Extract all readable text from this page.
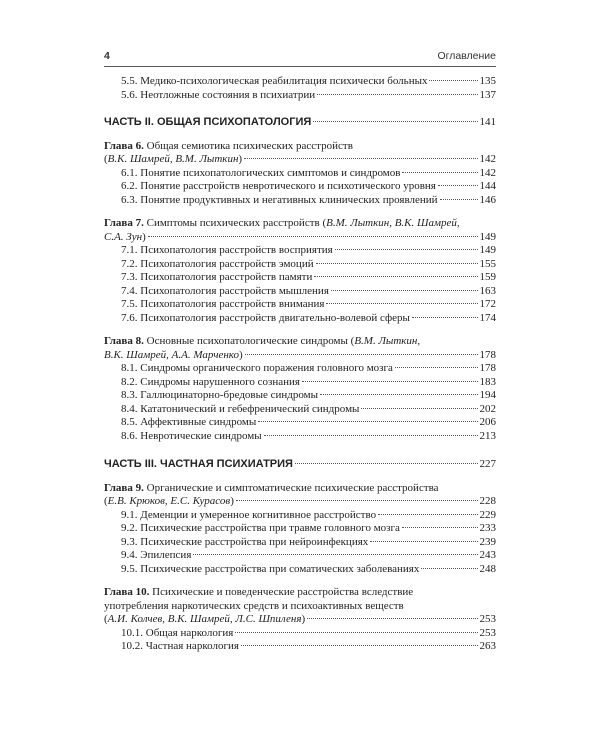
4	Оглавление
5.5. Медико-психологическая реабилитация психически больных	135
5.6. Неотложные состояния в психиатрии	137
ЧАСТЬ II. ОБЩАЯ ПСИХОПАТОЛОГИЯ	141
Глава 6. Общая семиотика психических расстройств
(В.К. Шамрей, В.М. Лыткин)	142
6.1. Понятие психопатологических симптомов и синдромов	142
6.2. Понятие расстройств невротического и психотического уровня	144
6.3. Понятие продуктивных и негативных клинических проявлений	146
Глава 7. Симптомы психических расстройств (В.М. Лыткин, В.К. Шамрей,
С.А. Зун)	149
7.1. Психопатология расстройств восприятия	149
7.2. Психопатология расстройств эмоций	155
7.3. Психопатология расстройств памяти	159
7.4. Психопатология расстройств мышления	163
7.5. Психопатология расстройств внимания	172
7.6. Психопатология расстройств двигательно-волевой сферы	174
Глава 8. Основные психопатологические синдромы (В.М. Лыткин,
В.К. Шамрей, А.А. Марченко)	178
8.1. Синдромы органического поражения головного мозга	178
8.2. Синдромы нарушенного сознания	183
8.3. Галлюцинаторно-бредовые синдромы	194
8.4. Кататонический и гебефренический синдромы	202
8.5. Аффективные синдромы	206
8.6. Невротические синдромы	213
ЧАСТЬ III. ЧАСТНАЯ ПСИХИАТРИЯ	227
Глава 9. Органические и симптоматические психические расстройства
(Е.В. Крюков, Е.С. Курасов)	228
9.1. Деменции и умеренное когнитивное расстройство	229
9.2. Психические расстройства при травме головного мозга	233
9.3. Психические расстройства при нейроинфекциях	239
9.4. Эпилепсия	243
9.5. Психические расстройства при соматических заболеваниях	248
Глава 10. Психические и поведенческие расстройства вследствие
употребления наркотических средств и психоактивных веществ
(А.И. Колчев, В.К. Шамрей, Л.С. Шпиленя)	253
10.1. Общая наркология	253
10.2. Частная наркология	263
